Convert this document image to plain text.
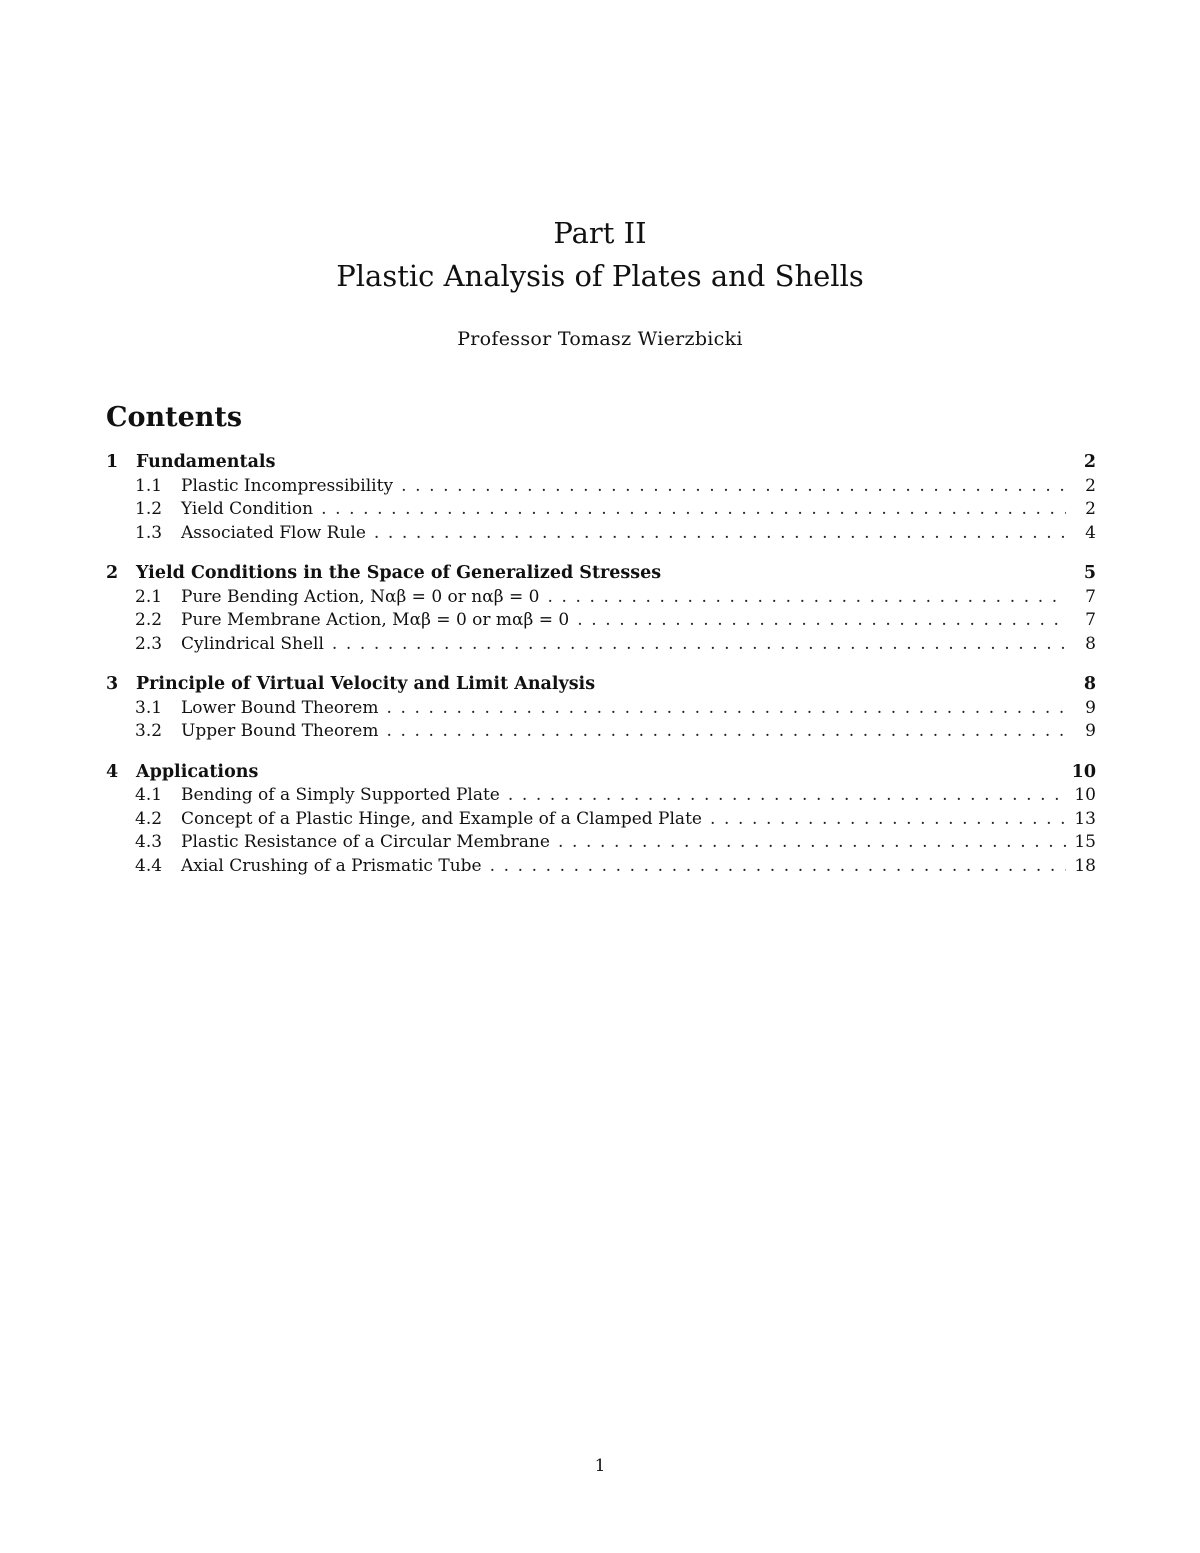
Part II
Plastic Analysis of Plates and Shells
Professor Tomasz Wierzbicki
Contents
1	Fundamentals	2
1.1	Plastic Incompressibility . . .	2
1.2	Yield Condition . . .	2
1.3	Associated Flow Rule . . .	4
2	Yield Conditions in the Space of Generalized Stresses	5
2.1	Pure Bending Action, Nαβ = 0 or nαβ = 0 . . .	7
2.2	Pure Membrane Action, Mαβ = 0 or mαβ = 0 . . .	7
2.3	Cylindrical Shell . . .	8
3	Principle of Virtual Velocity and Limit Analysis	8
3.1	Lower Bound Theorem . . .	9
3.2	Upper Bound Theorem . . .	9
4	Applications	10
4.1	Bending of a Simply Supported Plate . . .	10
4.2	Concept of a Plastic Hinge, and Example of a Clamped Plate . . .	13
4.3	Plastic Resistance of a Circular Membrane . . .	15
4.4	Axial Crushing of a Prismatic Tube . . .	18
1
